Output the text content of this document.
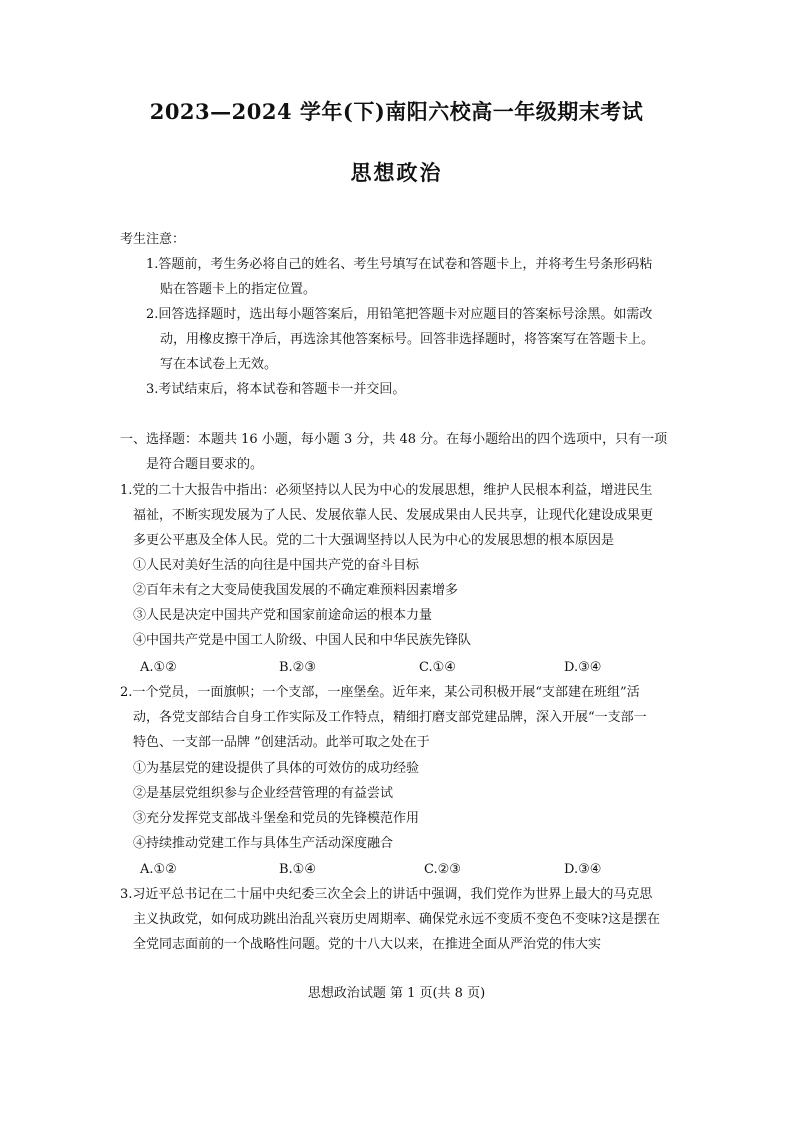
2023—2024 学年(下)南阳六校高一年级期末考试
思想政治
考生注意：
1.答题前，考生务必将自己的姓名、考生号填写在试卷和答题卡上，并将考生号条形码粘
贴在答题卡上的指定位置。
2.回答选择题时，选出每小题答案后，用铅笔把答题卡对应题目的答案标号涂黑。如需改
动，用橡皮擦干净后，再选涂其他答案标号。回答非选择题时，将答案写在答题卡上。
写在本试卷上无效。
3.考试结束后，将本试卷和答题卡一并交回。
一、选择题：本题共 16 小题，每小题 3 分，共 48 分。在每小题给出的四个选项中，只有一项
是符合题目要求的。
1.党的二十大报告中指出：必须坚持以人民为中心的发展思想，维护人民根本利益，增进民生
福祉，不断实现发展为了人民、发展依靠人民、发展成果由人民共享，让现代化建设成果更
多更公平惠及全体人民。党的二十大强调坚持以人民为中心的发展思想的根本原因是
①人民对美好生活的向往是中国共产党的奋斗目标
②百年未有之大变局使我国发展的不确定难预料因素增多
③人民是决定中国共产党和国家前途命运的根本力量
④中国共产党是中国工人阶级、中国人民和中华民族先锋队
A.①②	B.②③	C.①④	D.③④
2.一个党员，一面旗帜；一个支部，一座堡垒。近年来，某公司积极开展“支部建在班组”活
动，各党支部结合自身工作实际及工作特点，精细打磨支部党建品牌，深入开展“一支部一
特色、一支部一品牌 ”创建活动。此举可取之处在于
①为基层党的建设提供了具体的可效仿的成功经验
②是基层党组织参与企业经营管理的有益尝试
③充分发挥党支部战斗堡垒和党员的先锋模范作用
④持续推动党建工作与具体生产活动深度融合
A.①②	B.①④	C.②③	D.③④
3.习近平总书记在二十届中央纪委三次全会上的讲话中强调，我们党作为世界上最大的马克思
主义执政党，如何成功跳出治乱兴衰历史周期率、确保党永远不变质不变色不变味?这是摆在
全党同志面前的一个战略性问题。党的十八大以来，在推进全面从严治党的伟大实
思想政治试题 第 1 页(共 8 页)
